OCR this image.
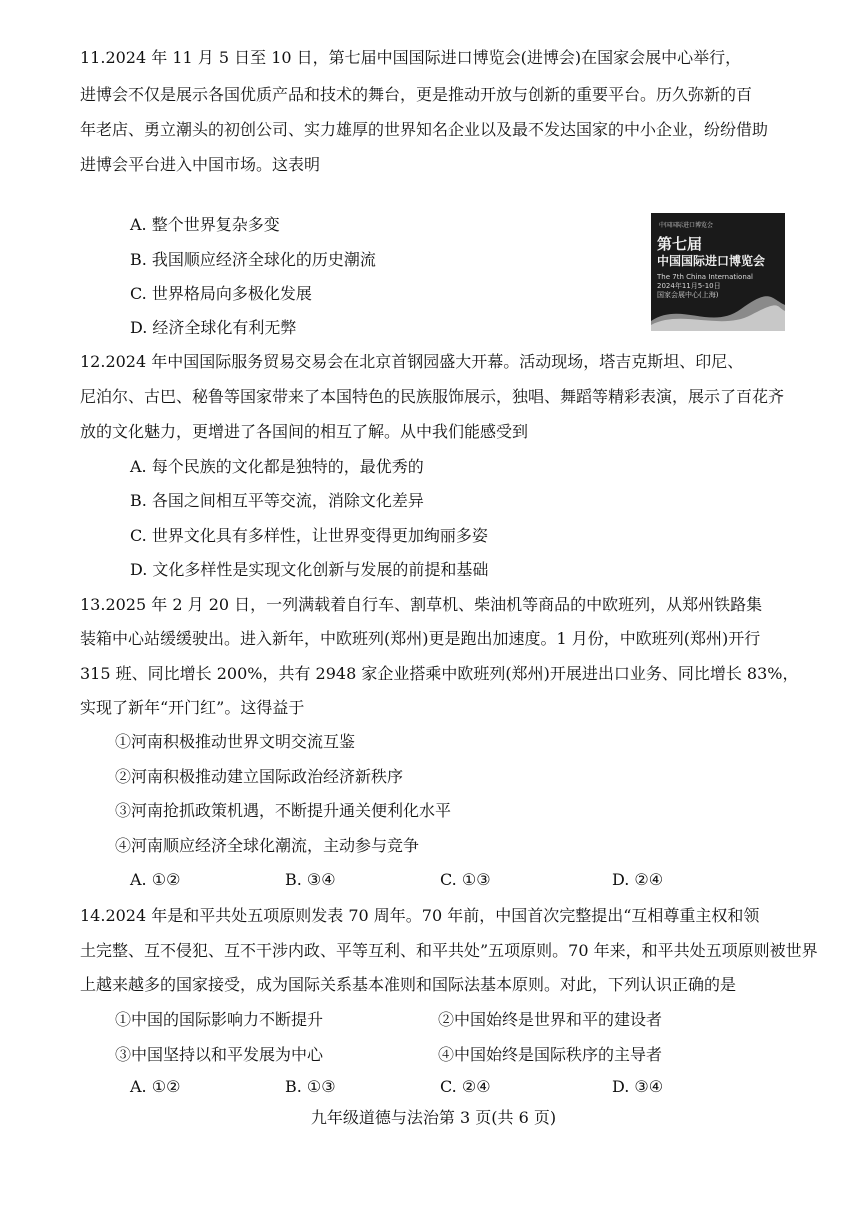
11.2024 年 11 月 5 日至 10 日，第七届中国国际进口博览会(进博会)在国家会展中心举行，
进博会不仅是展示各国优质产品和技术的舞台，更是推动开放与创新的重要平台。历久弥新的百
年老店、勇立潮头的初创公司、实力雄厚的世界知名企业以及最不发达国家的中小企业，纷纷借助
进博会平台进入中国市场。这表明
A. 整个世界复杂多变
B. 我国顺应经济全球化的历史潮流
C. 世界格局向多极化发展
D. 经济全球化有利无弊
中国国际进口博览会
第七届
中国国际进口博览会
The 7th China International
2024年11月5-10日
国家会展中心(上海)
12.2024 年中国国际服务贸易交易会在北京首钢园盛大开幕。活动现场，塔吉克斯坦、印尼、
尼泊尔、古巴、秘鲁等国家带来了本国特色的民族服饰展示，独唱、舞蹈等精彩表演，展示了百花齐
放的文化魅力，更增进了各国间的相互了解。从中我们能感受到
A. 每个民族的文化都是独特的，最优秀的
B. 各国之间相互平等交流，消除文化差异
C. 世界文化具有多样性，让世界变得更加绚丽多姿
D. 文化多样性是实现文化创新与发展的前提和基础
13.2025 年 2 月 20 日，一列满载着自行车、割草机、柴油机等商品的中欧班列，从郑州铁路集
装箱中心站缓缓驶出。进入新年，中欧班列(郑州)更是跑出加速度。1 月份，中欧班列(郑州)开行
315 班、同比增长 200%，共有 2948 家企业搭乘中欧班列(郑州)开展进出口业务、同比增长 83%，
实现了新年“开门红”。这得益于
①河南积极推动世界文明交流互鉴
②河南积极推动建立国际政治经济新秩序
③河南抢抓政策机遇，不断提升通关便利化水平
④河南顺应经济全球化潮流，主动参与竞争
A. ①②	B. ③④	C. ①③	D. ②④
14.2024 年是和平共处五项原则发表 70 周年。70 年前，中国首次完整提出“互相尊重主权和领
土完整、互不侵犯、互不干涉内政、平等互利、和平共处”五项原则。70 年来，和平共处五项原则被世界
上越来越多的国家接受，成为国际关系基本准则和国际法基本原则。对此，下列认识正确的是
①中国的国际影响力不断提升	②中国始终是世界和平的建设者
③中国坚持以和平发展为中心	④中国始终是国际秩序的主导者
A. ①②	B. ①③	C. ②④	D. ③④
九年级道德与法治第 3 页(共 6 页)
